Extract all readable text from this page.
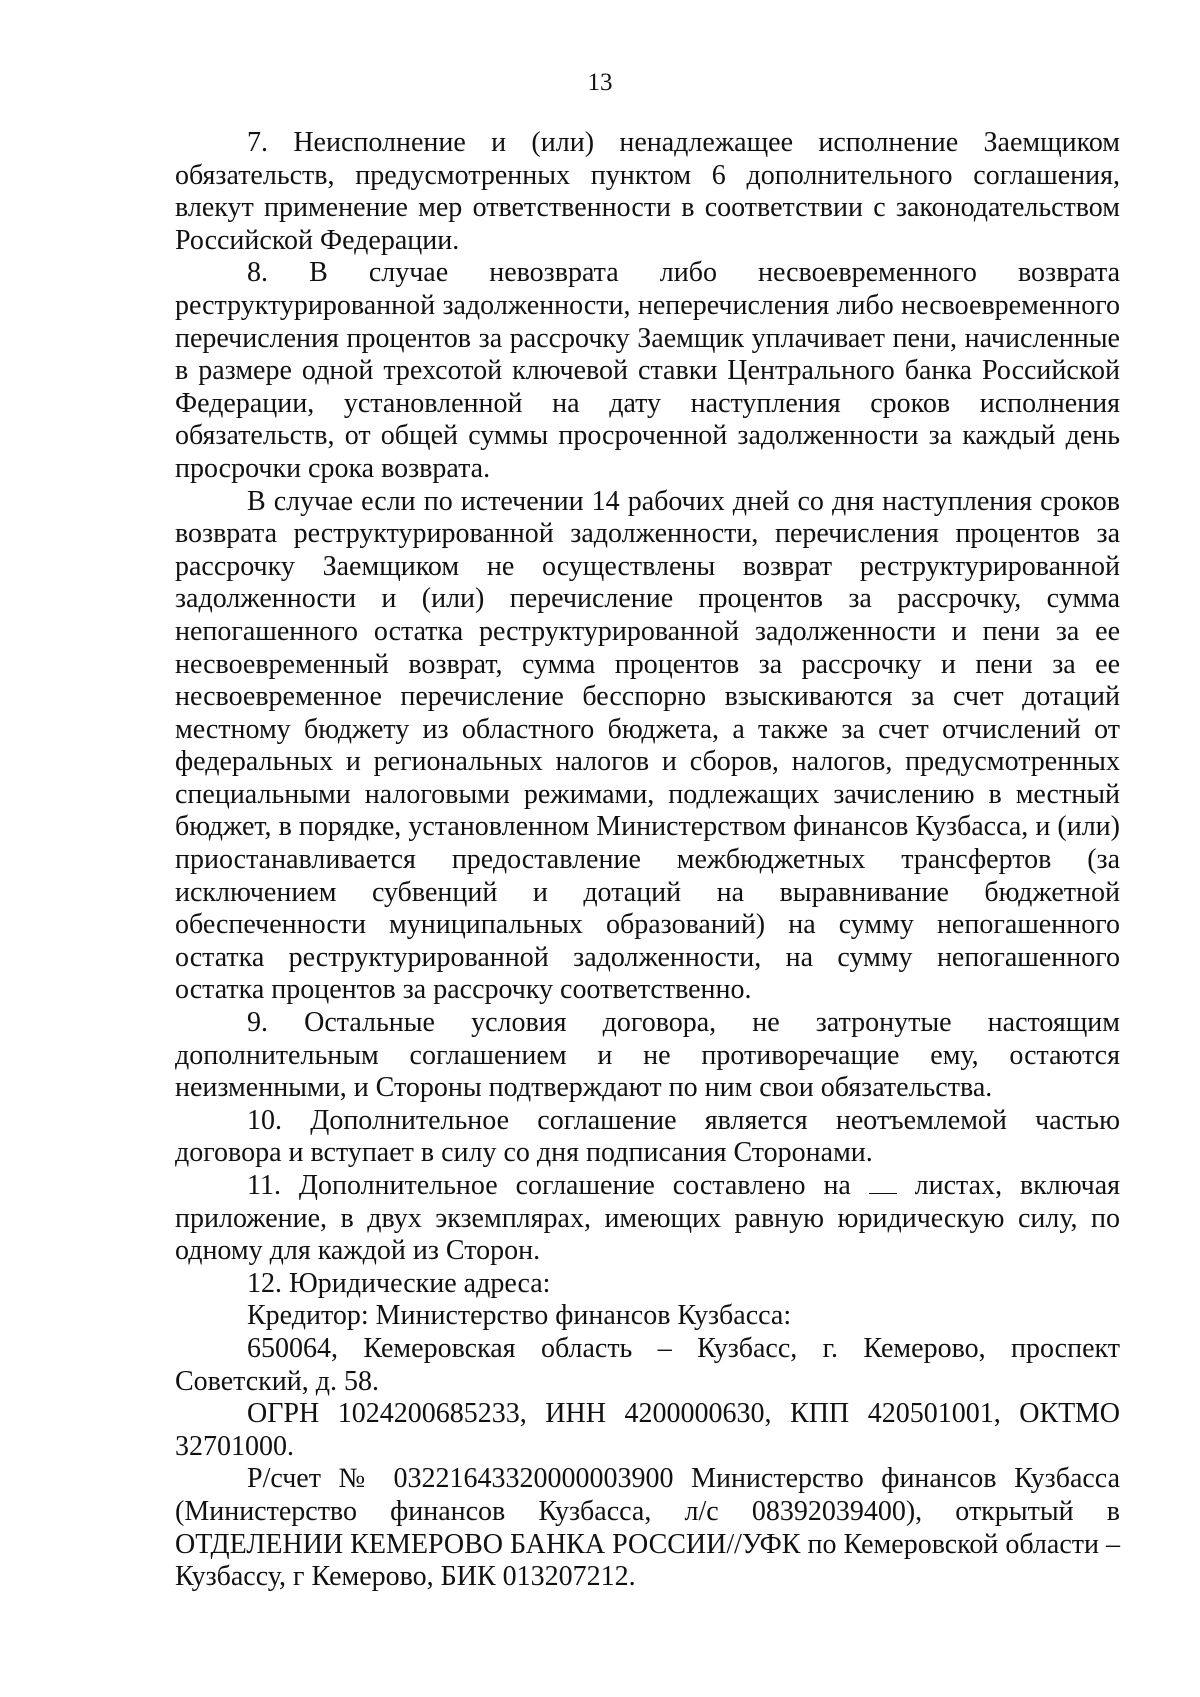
13

7. Неисполнение и (или) ненадлежащее исполнение Заемщиком обязательств, предусмотренных пунктом 6 дополнительного соглашения, влекут применение мер ответственности в соответствии с законодательством Российской Федерации.

8. В случае невозврата либо несвоевременного возврата реструктурированной задолженности, неперечисления либо несвоевременного перечисления процентов за рассрочку Заемщик уплачивает пени, начисленные в размере одной трехсотой ключевой ставки Центрального банка Российской Федерации, установленной на дату наступления сроков исполнения обязательств, от общей суммы просроченной задолженности за каждый день просрочки срока возврата.

В случае если по истечении 14 рабочих дней со дня наступления сроков возврата реструктурированной задолженности, перечисления процентов за рассрочку Заемщиком не осуществлены возврат реструктурированной задолженности и (или) перечисление процентов за рассрочку, сумма непогашенного остатка реструктурированной задолженности и пени за ее несвоевременный возврат, сумма процентов за рассрочку и пени за ее несвоевременное перечисление бесспорно взыскиваются за счет дотаций местному бюджету из областного бюджета, а также за счет отчислений от федеральных и региональных налогов и сборов, налогов, предусмотренных специальными налоговыми режимами, подлежащих зачислению в местный бюджет, в порядке, установленном Министерством финансов Кузбасса, и (или) приостанавливается предоставление межбюджетных трансфертов (за исключением субвенций и дотаций на выравнивание бюджетной обеспеченности муниципальных образований) на сумму непогашенного остатка реструктурированной задолженности, на сумму непогашенного остатка процентов за рассрочку соответственно.

9. Остальные условия договора, не затронутые настоящим дополнительным соглашением и не противоречащие ему, остаются неизменными, и Стороны подтверждают по ним свои обязательства.

10. Дополнительное соглашение является неотъемлемой частью договора и вступает в силу со дня подписания Сторонами.

11. Дополнительное соглашение составлено на листах, включая приложение, в двух экземплярах, имеющих равную юридическую силу, по одному для каждой из Сторон.

12. Юридические адреса:

Кредитор: Министерство финансов Кузбасса:

650064, Кемеровская область – Кузбасс, г. Кемерово, проспект Советский, д. 58.

ОГРН 1024200685233, ИНН 4200000630, КПП 420501001, ОКТМО 32701000.

Р/счет № 03221643320000003900 Министерство финансов Кузбасса (Министерство финансов Кузбасса, л/с 08392039400), открытый в ОТДЕЛЕНИИ КЕМЕРОВО БАНКА РОССИИ//УФК по Кемеровской области – Кузбассу, г Кемерово, БИК 013207212.
